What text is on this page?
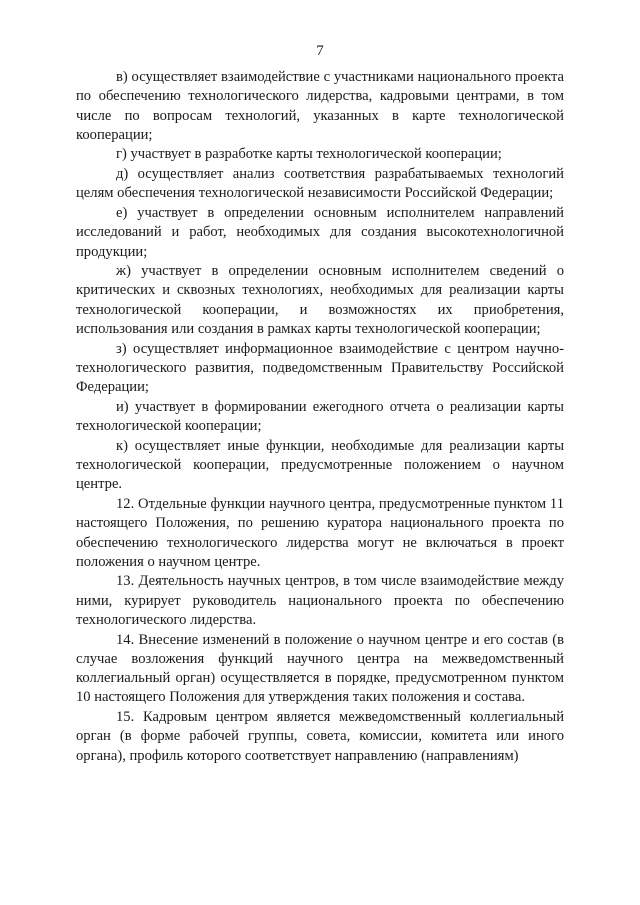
7

в) осуществляет взаимодействие с участниками национального проекта по обеспечению технологического лидерства, кадровыми центрами, в том числе по вопросам технологий, указанных в карте технологической кооперации;

г) участвует в разработке карты технологической кооперации;

д) осуществляет анализ соответствия разрабатываемых технологий целям обеспечения технологической независимости Российской Федерации;

е) участвует в определении основным исполнителем направлений исследований и работ, необходимых для создания высокотехнологичной продукции;

ж) участвует в определении основным исполнителем сведений о критических и сквозных технологиях, необходимых для реализации карты технологической кооперации, и возможностях их приобретения, использования или создания в рамках карты технологической кооперации;

з) осуществляет информационное взаимодействие с центром научно-технологического развития, подведомственным Правительству Российской Федерации;

и) участвует в формировании ежегодного отчета о реализации карты технологической кооперации;

к) осуществляет иные функции, необходимые для реализации карты технологической кооперации, предусмотренные положением о научном центре.

12. Отдельные функции научного центра, предусмотренные пунктом 11 настоящего Положения, по решению куратора национального проекта по обеспечению технологического лидерства могут не включаться в проект положения о научном центре.

13. Деятельность научных центров, в том числе взаимодействие между ними, курирует руководитель национального проекта по обеспечению технологического лидерства.

14. Внесение изменений в положение о научном центре и его состав (в случае возложения функций научного центра на межведомственный коллегиальный орган) осуществляется в порядке, предусмотренном пунктом 10 настоящего Положения для утверждения таких положения и состава.

15. Кадровым центром является межведомственный коллегиальный орган (в форме рабочей группы, совета, комиссии, комитета или иного органа), профиль которого соответствует направлению (направлениям)
